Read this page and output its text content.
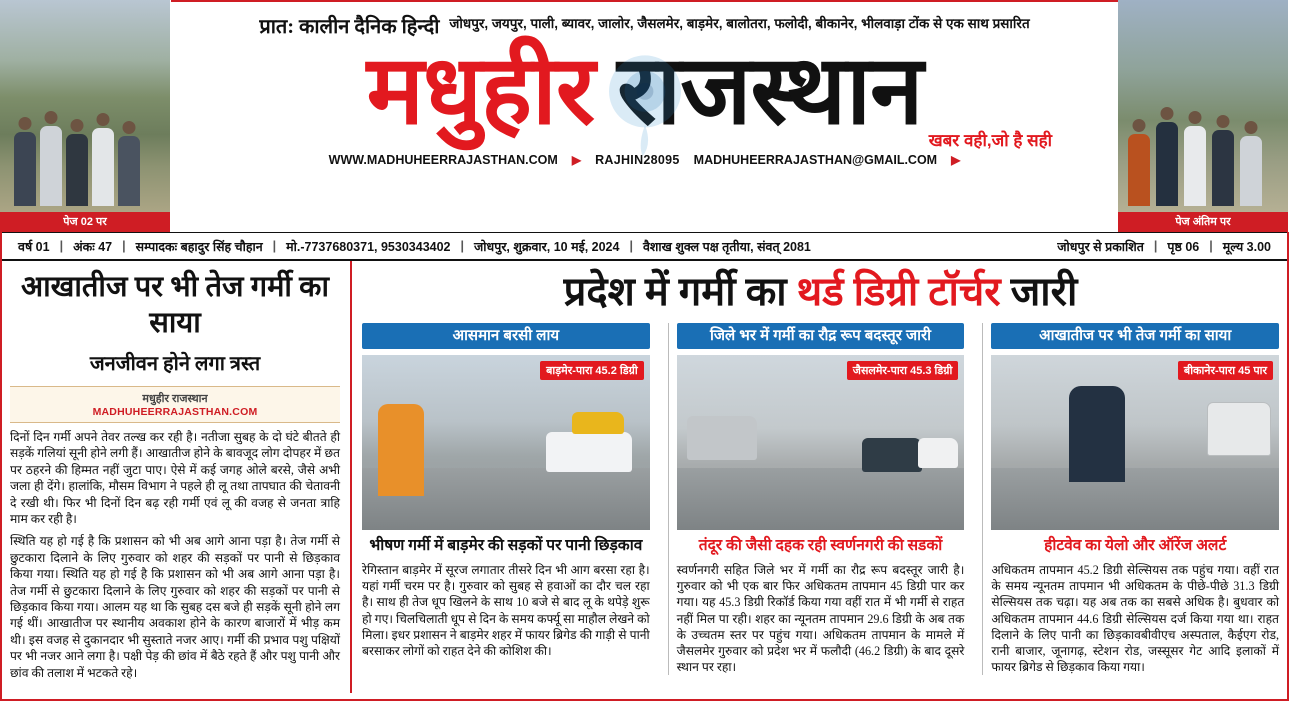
पेज 02 पर
प्रात: कालीन दैनिक हिन्दी जोधपुर, जयपुर, पाली, ब्यावर, जालोर, जैसलमेर, बाड़मेर, बालोतरा, फलोदी, बीकानेर, भीलवाड़ा टोंक से एक साथ प्रसारित
मधुहीर राजस्थान खबर वही,जो है सही
WWW.MADHUHEERRAJASTHAN.COM ▶ RAJHIN28095 MADHUHEERRAJASTHAN@GMAIL.COM ▶
पेज अंतिम पर
वर्ष 01 | अंकः 47 | सम्पादकः बहादुर सिंह चौहान | मो.-7737680371, 9530343402 | जोधपुर, शुक्रवार, 10 मई, 2024 | वैशाख शुक्ल पक्ष तृतीया, संवत् 2081	जोधपुर से प्रकाशित | पृष्ठ 06 | मूल्य 3.00
आखातीज पर भी तेज गर्मी का साया
जनजीवन होने लगा त्रस्त
मधुहीर राजस्थान
MADHUHEERRAJASTHAN.COM

दिनों दिन गर्मी अपने तेवर तल्ख कर रही है। नतीजा सुबह के दो घंटे बीतते ही सड़कें गलियां सूनी होने लगी हैं। आखातीज होने के बावजूद लोग दोपहर में छत पर ठहरने की हिम्मत नहीं जुटा पाए। ऐसे में कई जगह ओले बरसे, जैसे अभी जला ही देंगे। हालांकि, मौसम विभाग ने पहले ही लू तथा तापघात की चेतावनी दे रखी थी। फिर भी दिनों दिन बढ़ रही गर्मी एवं लू की वजह से जनता त्राहि माम कर रही है।

स्थिति यह हो गई है कि प्रशासन को भी अब आगे आना पड़ा है। तेज गर्मी से छुटकारा दिलाने के लिए गुरुवार को शहर की सड़कों पर पानी से छिड़काव किया गया। स्थिति यह हो गई है कि प्रशासन को भी अब आगे आना पड़ा है। तेज गर्मी से छुटकारा दिलाने के लिए गुरुवार को शहर की सड़कों पर पानी से छिड़काव किया गया। आलम यह था कि सुबह दस बजे ही सड़कें सूनी होने लग गई थीं। आखातीज पर स्थानीय अवकाश होने के कारण बाजारों में भीड़ कम थी। इस वजह से दुकानदार भी सुस्ताते नजर आए। गर्मी की प्रभाव पशु पक्षियों पर भी नजर आने लगा है। पक्षी पेड़ की छांव में बैठे रहते हैं और पशु पानी और छांव की तलाश में भटकते रहे।

प्रदेश में गर्मी का थर्ड डिग्री टॉर्चर जारी
आसमान बरसी लाय
बाड़मेर-पारा 45.2 डिग्री
भीषण गर्मी में बाड़मेर की सड़कों पर पानी छिड़काव

रेगिस्तान बाड़मेर में सूरज लगातार तीसरे दिन भी आग बरसा रहा है। यहां गर्मी चरम पर है। गुरुवार को सुबह से हवाओं का दौर चल रहा है। साथ ही तेज धूप खिलने के साथ 10 बजे से बाद लू के थपेड़े शुरू हो गए। चिलचिलाती धूप से दिन के समय कर्फ्यू सा माहौल लेखने को मिला। इधर प्रशासन ने बाड़मेर शहर में फायर ब्रिगेड की गाड़ी से पानी बरसाकर लोगों को राहत देने की कोशिश की।

जिले भर में गर्मी का रौद्र रूप बदस्तूर जारी
जैसलमेर-पारा 45.3 डिग्री
तंदूर की जैसी दहक रही स्वर्णनगरी की सडकों

स्वर्णनगरी सहित जिले भर में गर्मी का रौद्र रूप बदस्तूर जारी है। गुरुवार को भी एक बार फिर अधिकतम तापमान 45 डिग्री पार कर गया। यह 45.3 डिग्री रिकॉर्ड किया गया वहीं रात में भी गर्मी से राहत नहीं मिल पा रही। शहर का न्यूनतम तापमान 29.6 डिग्री के अब तक के उच्चतम स्तर पर पहुंच गया। अधिकतम तापमान के मामले में जैसलमेर गुरुवार को प्रदेश भर में फलौदी (46.2 डिग्री) के बाद दूसरे स्थान पर रहा।

आखातीज पर भी तेज गर्मी का साया
बीकानेर-पारा 45 पार
हीटवेव का येलो और ऑरेंज अलर्ट

अधिकतम तापमान 45.2 डिग्री सेल्सियस तक पहुंच गया। वहीं रात के समय न्यूनतम तापमान भी अधिकतम के पीछे-पीछे 31.3 डिग्री सेल्सियस तक चढ़ा। यह अब तक का सबसे अधिक है। बुधवार को अधिकतम तापमान 44.6 डिग्री सेल्सियस दर्ज किया गया था। राहत दिलाने के लिए पानी का छिड़कावबीवीएच अस्पताल, कैईएग रोड, रानी बाजार, जूनागढ़, स्टेशन रोड, जस्सूसर गेट आदि इलाकों में फायर ब्रिगेड से छिड़काव किया गया।
